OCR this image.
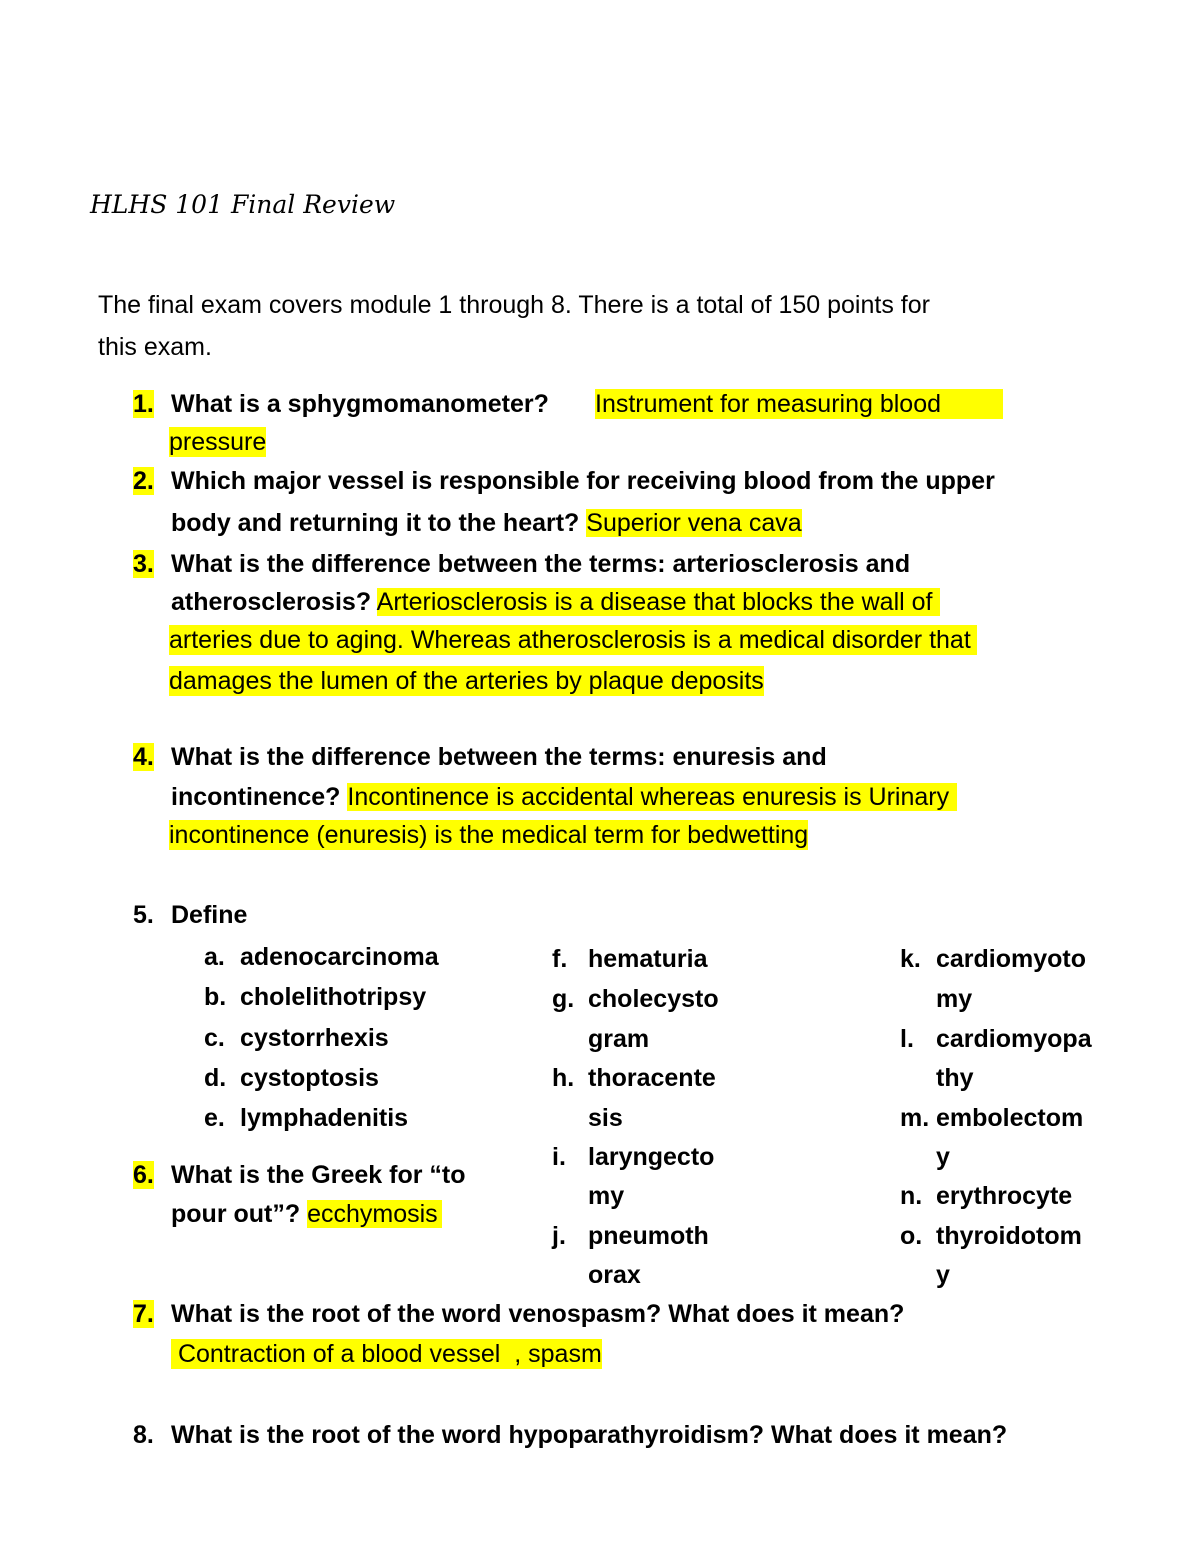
HLHS 101 Final Review
The final exam covers module 1 through 8. There is a total of 150 points for
this exam.
1. What is a sphygmomanometer? Instrument for measuring blood
pressure
2. Which major vessel is responsible for receiving blood from the upper
body and returning it to the heart? Superior vena cava
3. What is the difference between the terms: arteriosclerosis and
atherosclerosis? Arteriosclerosis is a disease that blocks the wall of
arteries due to aging. Whereas atherosclerosis is a medical disorder that
damages the lumen of the arteries by plaque deposits
4. What is the difference between the terms: enuresis and
incontinence? Incontinence is accidental whereas enuresis is Urinary
incontinence (enuresis) is the medical term for bedwetting
5. Define
a. adenocarcinoma
b. cholelithotripsy
c. cystorrhexis
d. cystoptosis
e. lymphadenitis
f. hematuria
g. cholecysto
gram
h. thoracente
sis
i. laryngecto
my
j. pneumoth
orax
k. cardiomyoto
my
l. cardiomyopa
thy
m. embolectom
y
n. erythrocyte
o. thyroidotom
y
6. What is the Greek for “to
pour out”? ecchymosis
7. What is the root of the word venospasm? What does it mean?
Contraction of a blood vessel  , spasm
8. What is the root of the word hypoparathyroidism? What does it mean?
